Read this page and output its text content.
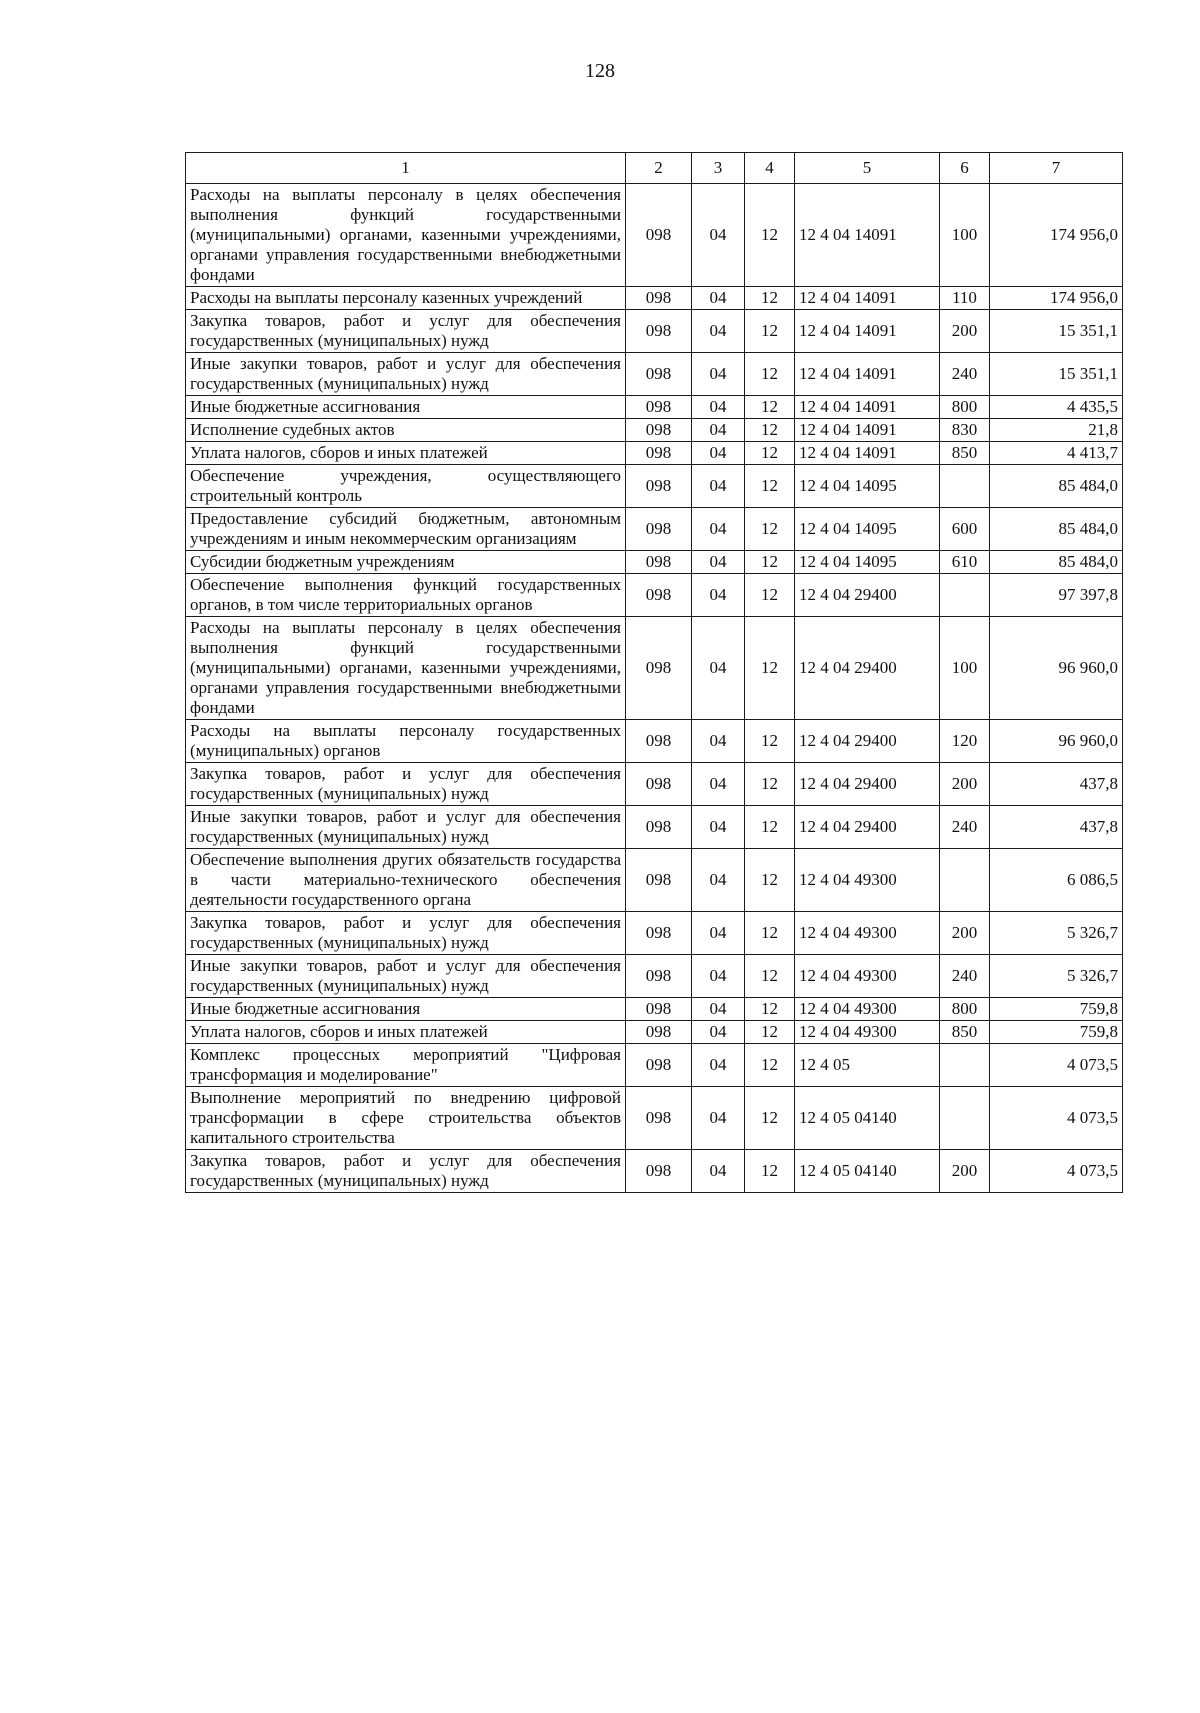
128
1	2	3	4	5	6	7
Расходы на выплаты персоналу в целях обеспечения выполнения функций государственными (муниципальными) органами, казенными учреждениями, органами управления государственными внебюджетными фондами	098	04	12	12 4 04 14091	100	174 956,0
Расходы на выплаты персоналу казенных учреждений	098	04	12	12 4 04 14091	110	174 956,0
Закупка товаров, работ и услуг для обеспечения государственных (муниципальных) нужд	098	04	12	12 4 04 14091	200	15 351,1
Иные закупки товаров, работ и услуг для обеспечения государственных (муниципальных) нужд	098	04	12	12 4 04 14091	240	15 351,1
Иные бюджетные ассигнования	098	04	12	12 4 04 14091	800	4 435,5
Исполнение судебных актов	098	04	12	12 4 04 14091	830	21,8
Уплата налогов, сборов и иных платежей	098	04	12	12 4 04 14091	850	4 413,7
Обеспечение учреждения, осуществляющего строительный контроль	098	04	12	12 4 04 14095		85 484,0
Предоставление субсидий бюджетным, автономным учреждениям и иным некоммерческим организациям	098	04	12	12 4 04 14095	600	85 484,0
Субсидии бюджетным учреждениям	098	04	12	12 4 04 14095	610	85 484,0
Обеспечение выполнения функций государственных органов, в том числе территориальных органов	098	04	12	12 4 04 29400		97 397,8
Расходы на выплаты персоналу в целях обеспечения выполнения функций государственными (муниципальными) органами, казенными учреждениями, органами управления государственными внебюджетными фондами	098	04	12	12 4 04 29400	100	96 960,0
Расходы на выплаты персоналу государственных (муниципальных) органов	098	04	12	12 4 04 29400	120	96 960,0
Закупка товаров, работ и услуг для обеспечения государственных (муниципальных) нужд	098	04	12	12 4 04 29400	200	437,8
Иные закупки товаров, работ и услуг для обеспечения государственных (муниципальных) нужд	098	04	12	12 4 04 29400	240	437,8
Обеспечение выполнения других обязательств государства в части материально-технического обеспечения деятельности государственного органа	098	04	12	12 4 04 49300		6 086,5
Закупка товаров, работ и услуг для обеспечения государственных (муниципальных) нужд	098	04	12	12 4 04 49300	200	5 326,7
Иные закупки товаров, работ и услуг для обеспечения государственных (муниципальных) нужд	098	04	12	12 4 04 49300	240	5 326,7
Иные бюджетные ассигнования	098	04	12	12 4 04 49300	800	759,8
Уплата налогов, сборов и иных платежей	098	04	12	12 4 04 49300	850	759,8
Комплекс процессных мероприятий "Цифровая трансформация и моделирование"	098	04	12	12 4 05		4 073,5
Выполнение мероприятий по внедрению цифровой трансформации в сфере строительства объектов капитального строительства	098	04	12	12 4 05 04140		4 073,5
Закупка товаров, работ и услуг для обеспечения государственных (муниципальных) нужд	098	04	12	12 4 05 04140	200	4 073,5
